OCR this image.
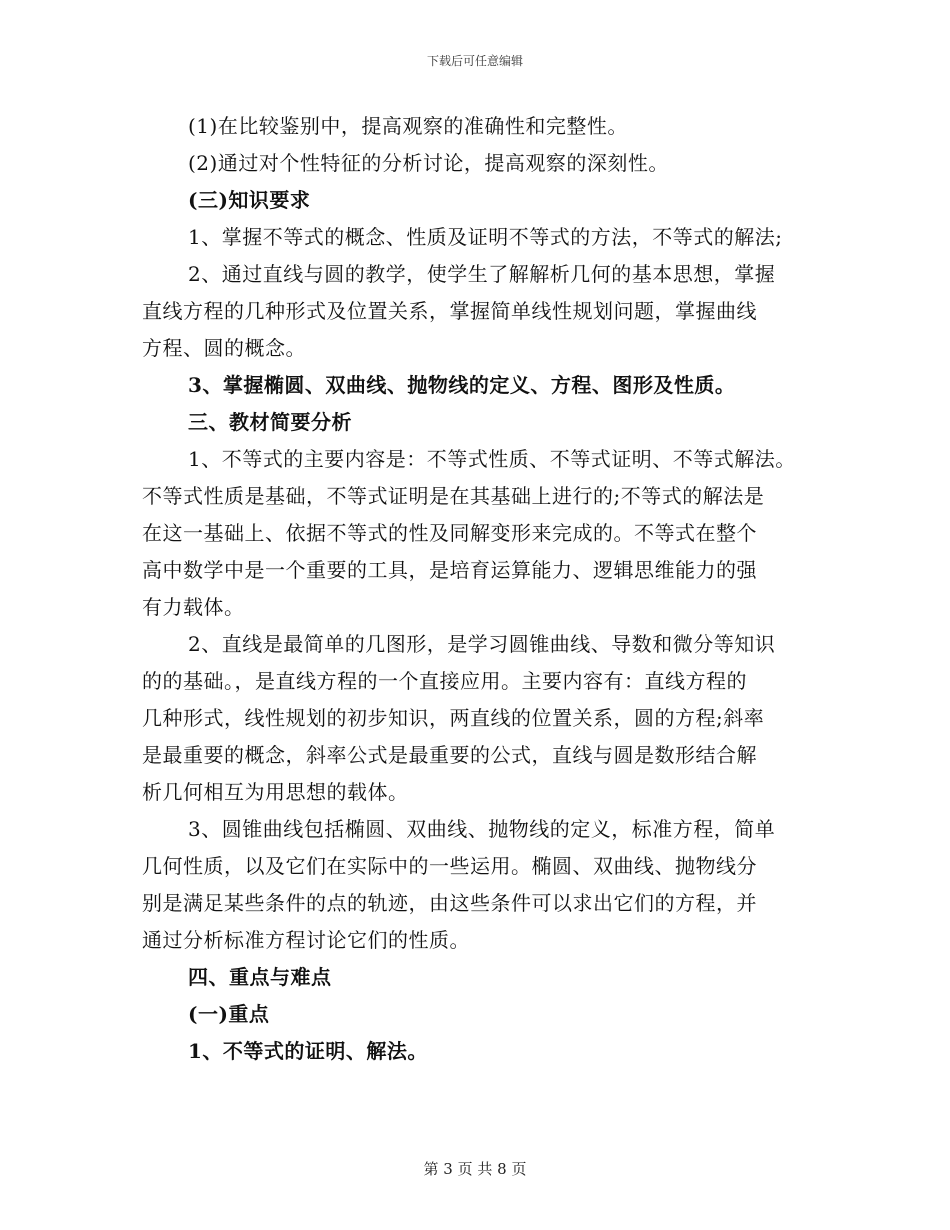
下载后可任意编辑
(1)在比较鉴别中，提高观察的准确性和完整性。
(2)通过对个性特征的分析讨论，提高观察的深刻性。
(三)知识要求
1、掌握不等式的概念、性质及证明不等式的方法，不等式的解法;
2、通过直线与圆的教学，使学生了解解析几何的基本思想，掌握
直线方程的几种形式及位置关系，掌握简单线性规划问题，掌握曲线
方程、圆的概念。
3、掌握椭圆、双曲线、抛物线的定义、方程、图形及性质。
三、教材简要分析
1、不等式的主要内容是：不等式性质、不等式证明、不等式解法。
不等式性质是基础，不等式证明是在其基础上进行的;不等式的解法是
在这一基础上、依据不等式的性及同解变形来完成的。不等式在整个
高中数学中是一个重要的工具，是培育运算能力、逻辑思维能力的强
有力载体。
2、直线是最简单的几图形，是学习圆锥曲线、导数和微分等知识
的的基础。，是直线方程的一个直接应用。主要内容有：直线方程的
几种形式，线性规划的初步知识，两直线的位置关系，圆的方程;斜率
是最重要的概念，斜率公式是最重要的公式，直线与圆是数形结合解
析几何相互为用思想的载体。
3、圆锥曲线包括椭圆、双曲线、抛物线的定义，标准方程，简单
几何性质，以及它们在实际中的一些运用。椭圆、双曲线、抛物线分
别是满足某些条件的点的轨迹，由这些条件可以求出它们的方程，并
通过分析标准方程讨论它们的性质。
四、重点与难点
(一)重点
1、不等式的证明、解法。
第 3 页 共 8 页
